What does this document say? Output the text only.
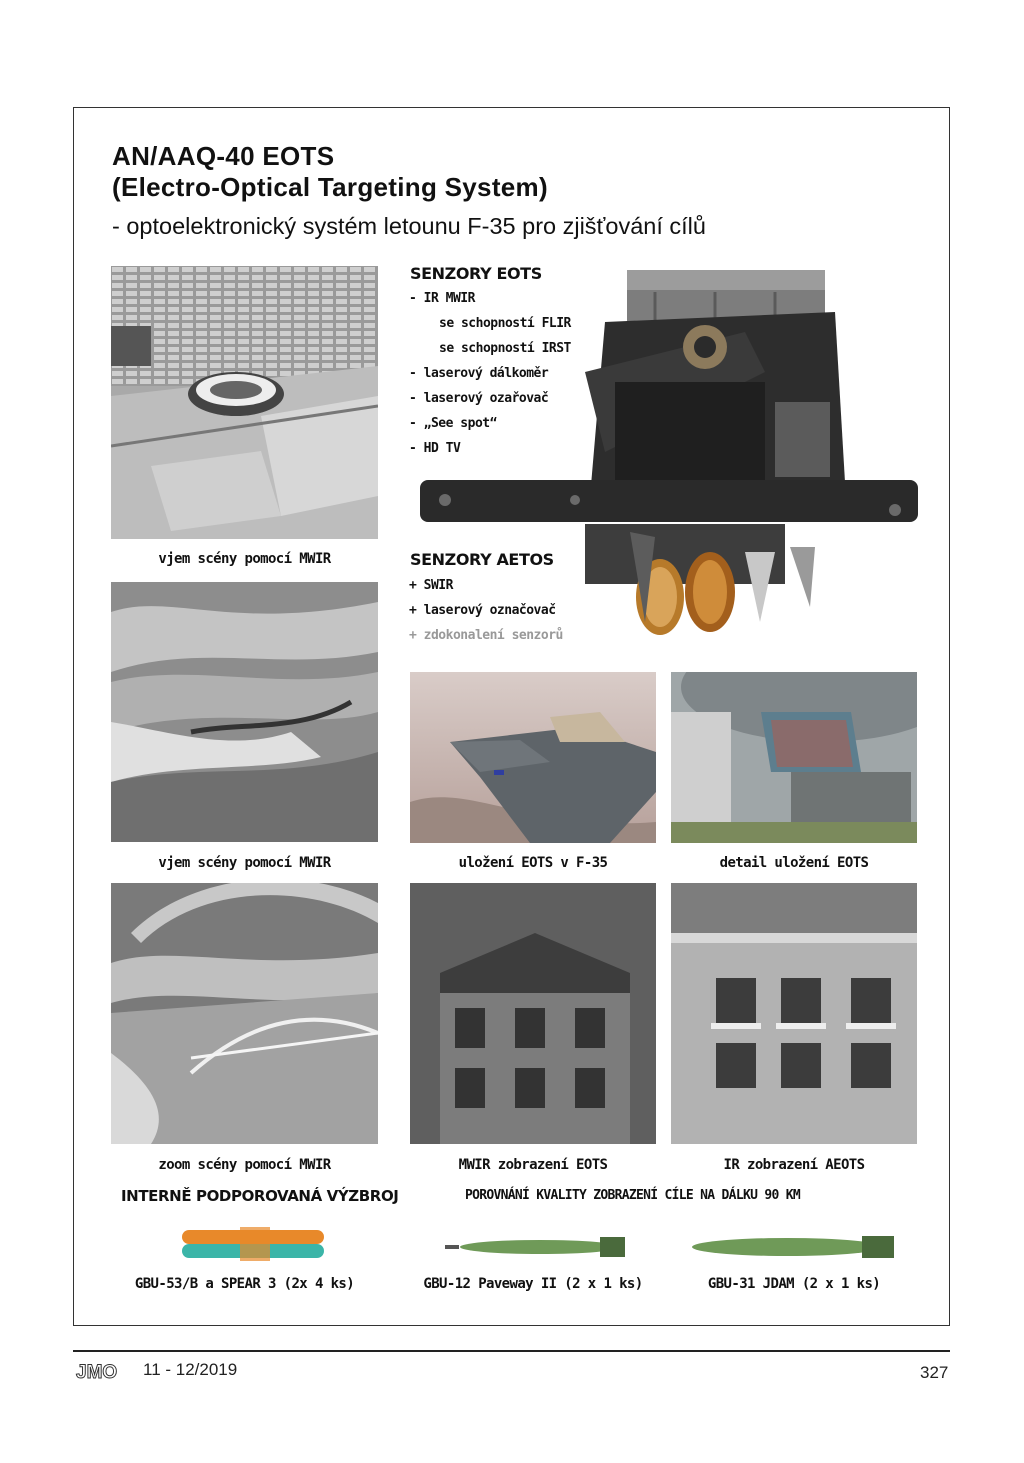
AN/AAQ-40 EOTS
(Electro-Optical Targeting System)

- optoelektronický systém letounu F-35 pro zjišťování cílů

vjem scény pomocí MWIR
vjem scény pomocí MWIR
zoom scény pomocí MWIR
SENZORY EOTS
- IR MWIR
se schopností FLIR
se schopností IRST
- laserový dálkoměr
- laserový ozařovač
- „See spot“
- HD TV
SENZORY AETOS
+ SWIR
+ laserový označovač
+ zdokonalení senzorů
uložení EOTS v F-35	detail uložení EOTS
MWIR zobrazení EOTS	IR zobrazení AEOTS
INTERNĚ PODPOROVANÁ VÝZBROJ	POROVNÁNÍ KVALITY ZOBRAZENÍ CÍLE NA DÁLKU 90 KM
GBU-53/B a SPEAR 3 (2x 4 ks)	GBU-12 Paveway II (2 x 1 ks)	GBU-31 JDAM (2 x 1 ks)
JMO 11 - 12/2019	327
